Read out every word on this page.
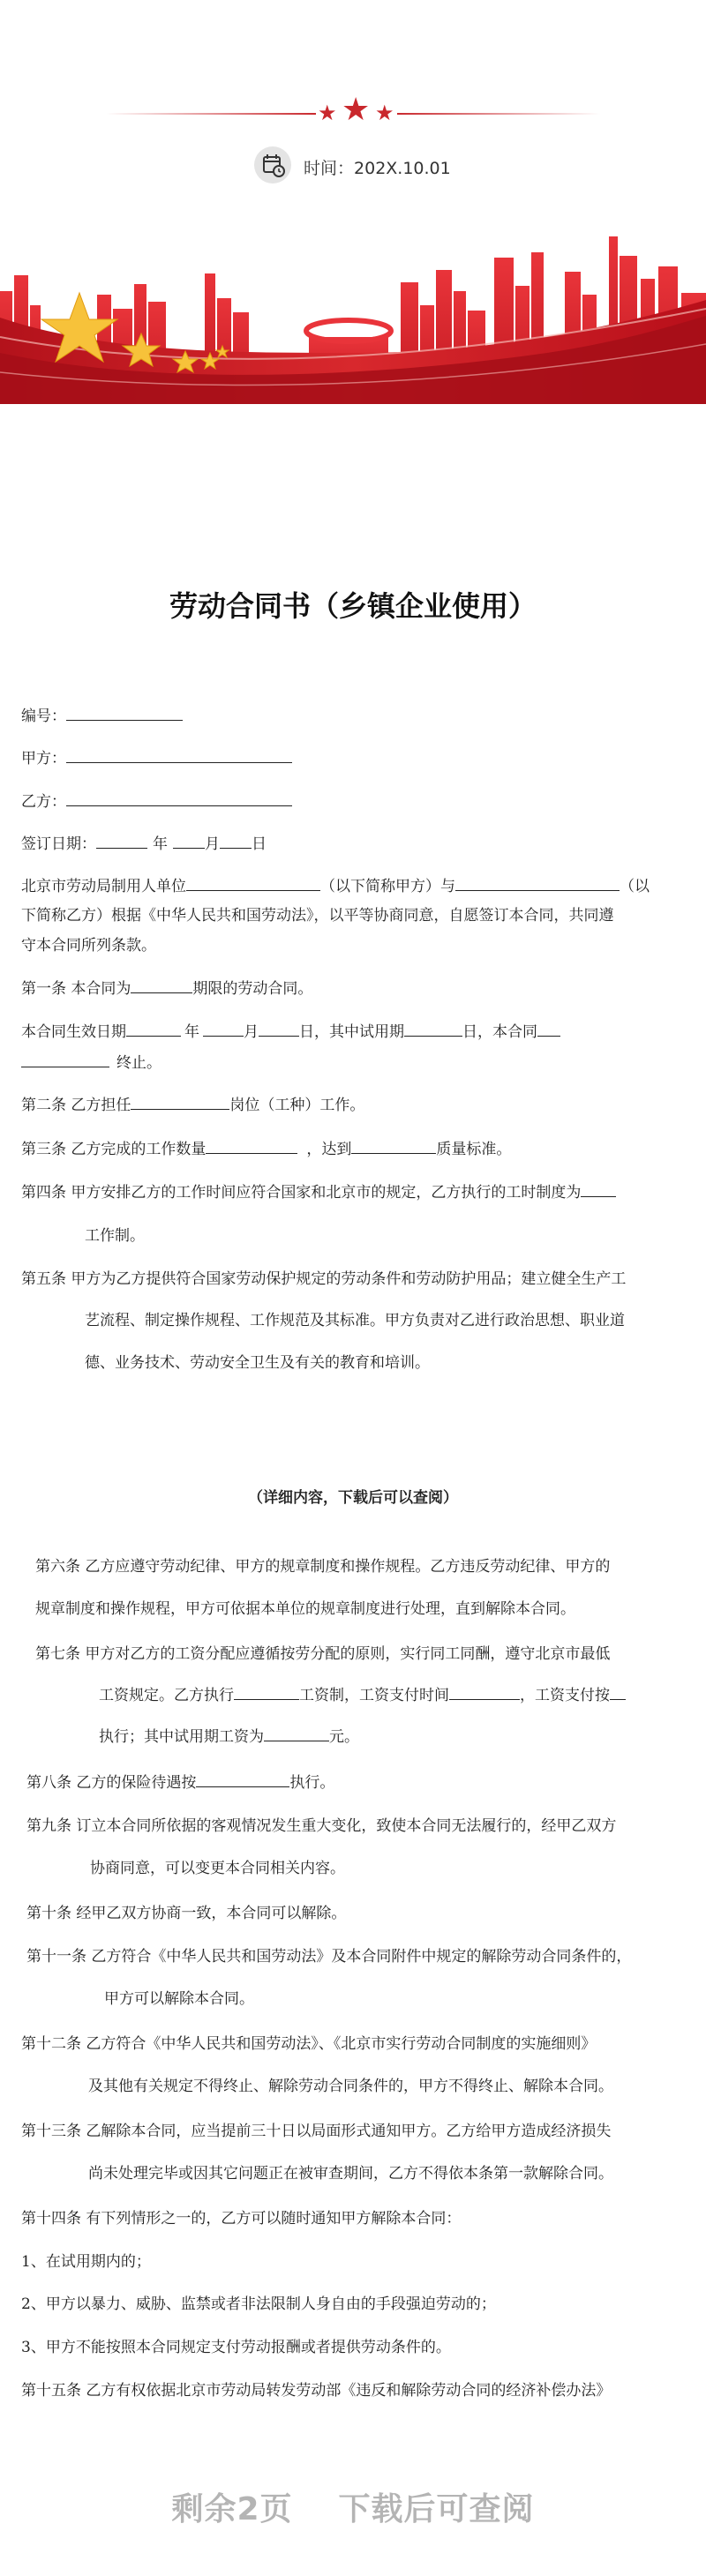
★ ★ ★
时间：202X.10.01
劳动合同书（乡镇企业使用）
编号：
甲方：
乙方：
签订日期：	年 月 日
北京市劳动局制用人单位	（以下简称甲方）与	（以
下简称乙方）根据《中华人民共和国劳动法》，以平等协商同意，自愿签订本合同，共同遵
守本合同所列条款。
第一条 本合同为	期限的劳动合同。
本合同生效日期	年	月	日，其中试用期	日，本合同
终止。
第二条 乙方担任	岗位（工种）工作。
第三条 乙方完成的工作数量	，达到	质量标准。
第四条 甲方安排乙方的工作时间应符合国家和北京市的规定，乙方执行的工时制度为
工作制。
第五条 甲方为乙方提供符合国家劳动保护规定的劳动条件和劳动防护用品；建立健全生产工
艺流程、制定操作规程、工作规范及其标准。甲方负责对乙进行政治思想、职业道
德、业务技术、劳动安全卫生及有关的教育和培训。
（详细内容，下载后可以查阅）
第六条 乙方应遵守劳动纪律、甲方的规章制度和操作规程。乙方违反劳动纪律、甲方的
规章制度和操作规程，甲方可依据本单位的规章制度进行处理，直到解除本合同。
第七条 甲方对乙方的工资分配应遵循按劳分配的原则，实行同工同酬，遵守北京市最低
工资规定。乙方执行	工资制，工资支付时间	，工资支付按
执行；其中试用期工资为	元。
第八条 乙方的保险待遇按	执行。
第九条 订立本合同所依据的客观情况发生重大变化，致使本合同无法履行的，经甲乙双方
协商同意，可以变更本合同相关内容。
第十条 经甲乙双方协商一致，本合同可以解除。
第十一条 乙方符合《中华人民共和国劳动法》及本合同附件中规定的解除劳动合同条件的，
甲方可以解除本合同。
第十二条 乙方符合《中华人民共和国劳动法》、《北京市实行劳动合同制度的实施细则》
及其他有关规定不得终止、解除劳动合同条件的，甲方不得终止、解除本合同。
第十三条 乙解除本合同，应当提前三十日以局面形式通知甲方。乙方给甲方造成经济损失
尚未处理完毕或因其它问题正在被审查期间，乙方不得依本条第一款解除合同。
第十四条 有下列情形之一的，乙方可以随时通知甲方解除本合同：
1、在试用期内的；
2、甲方以暴力、威胁、监禁或者非法限制人身自由的手段强迫劳动的；
3、甲方不能按照本合同规定支付劳动报酬或者提供劳动条件的。
第十五条 乙方有权依据北京市劳动局转发劳动部《违反和解除劳动合同的经济补偿办法》
剩余2页 下载后可查阅
